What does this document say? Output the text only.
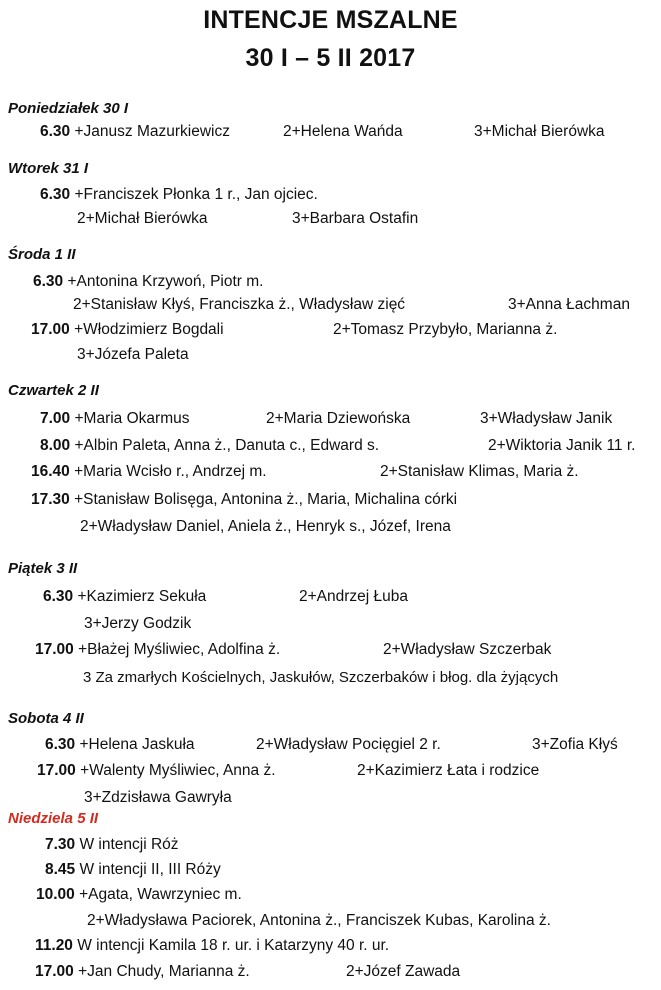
INTENCJE MSZALNE
30 I – 5 II 2017
Poniedziałek 30 I
6.30 +Janusz Mazurkiewicz	2+Helena Wańda	3+Michał Bierówka
Wtorek 31 I
6.30 +Franciszek Płonka 1 r., Jan ojciec.
2+Michał Bierówka	3+Barbara Ostafin
Środa 1 II
6.30 +Antonina Krzywoń, Piotr m.
2+Stanisław Kłyś, Franciszka ż., Władysław zięć	3+Anna Łachman
17.00 +Włodzimierz Bogdali	2+Tomasz Przybyło, Marianna ż.
3+Józefa Paleta
Czwartek 2 II
7.00 +Maria Okarmus	2+Maria Dziewońska	3+Władysław Janik
8.00 +Albin Paleta, Anna ż., Danuta c., Edward s.	2+Wiktoria Janik 11 r.
16.40 +Maria Wcisło r., Andrzej m.	2+Stanisław Klimas, Maria ż.
17.30 +Stanisław Bolisęga, Antonina ż., Maria, Michalina córki
2+Władysław Daniel, Aniela ż., Henryk s., Józef, Irena
Piątek 3 II
6.30 +Kazimierz Sekuła	2+Andrzej Łuba
3+Jerzy Godzik
17.00 +Błażej Myśliwiec, Adolfina ż.	2+Władysław Szczerbak
3 Za zmarłych Kościelnych, Jaskułów, Szczerbaków i błog. dla żyjących
Sobota 4 II
6.30 +Helena Jaskuła	2+Władysław Pocięgiel 2 r.	3+Zofia Kłyś
17.00 +Walenty Myśliwiec, Anna ż.	2+Kazimierz Łata i rodzice
3+Zdzisława Gawryła
Niedziela 5 II
7.30 W intencji Róż
8.45 W intencji II, III Róży
10.00 +Agata, Wawrzyniec m.
2+Władysława Paciorek, Antonina ż., Franciszek Kubas, Karolina ż.
11.20 W intencji Kamila 18 r. ur. i Katarzyny 40 r. ur.
17.00 +Jan Chudy, Marianna ż.	2+Józef Zawada
